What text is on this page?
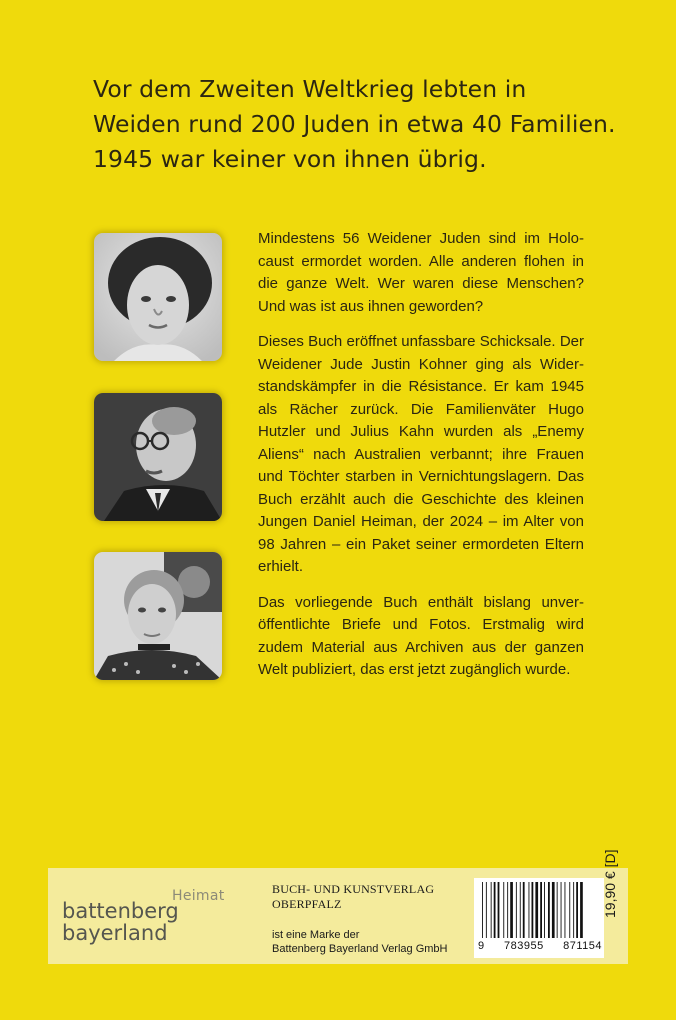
Vor dem Zweiten Weltkrieg lebten in
Weiden rund 200 Juden in etwa 40 Familien.
1945 war keiner von ihnen übrig.

Mindestens 56 Weidener Juden sind im Holo-
caust ermordet worden. Alle anderen flohen in
die ganze Welt. Wer waren diese Menschen?
Und was ist aus ihnen geworden?

Dieses Buch eröffnet unfassbare Schicksale. Der
Weidener Jude Justin Kohner ging als Wider-
standskämpfer in die Résistance. Er kam 1945
als Rächer zurück. Die Familienväter Hugo
Hutzler und Julius Kahn wurden als „Enemy
Aliens“ nach Australien verbannt; ihre Frauen
und Töchter starben in Vernichtungslagern. Das
Buch erzählt auch die Geschichte des kleinen
Jungen Daniel Heiman, der 2024 – im Alter von
98 Jahren – ein Paket seiner ermordeten Eltern
erhielt.

Das vorliegende Buch enthält bislang unver-
öffentlichte Briefe und Fotos. Erstmalig wird
zudem Material aus Archiven aus der ganzen
Welt publiziert, das erst jetzt zugänglich wurde.

Heimat
battenberg
bayerland
BUCH- UND KUNSTVERLAG
OBERPFALZ
ist eine Marke der
Battenberg Bayerland Verlag GmbH	9 783955 871154
19,90 € [D]
